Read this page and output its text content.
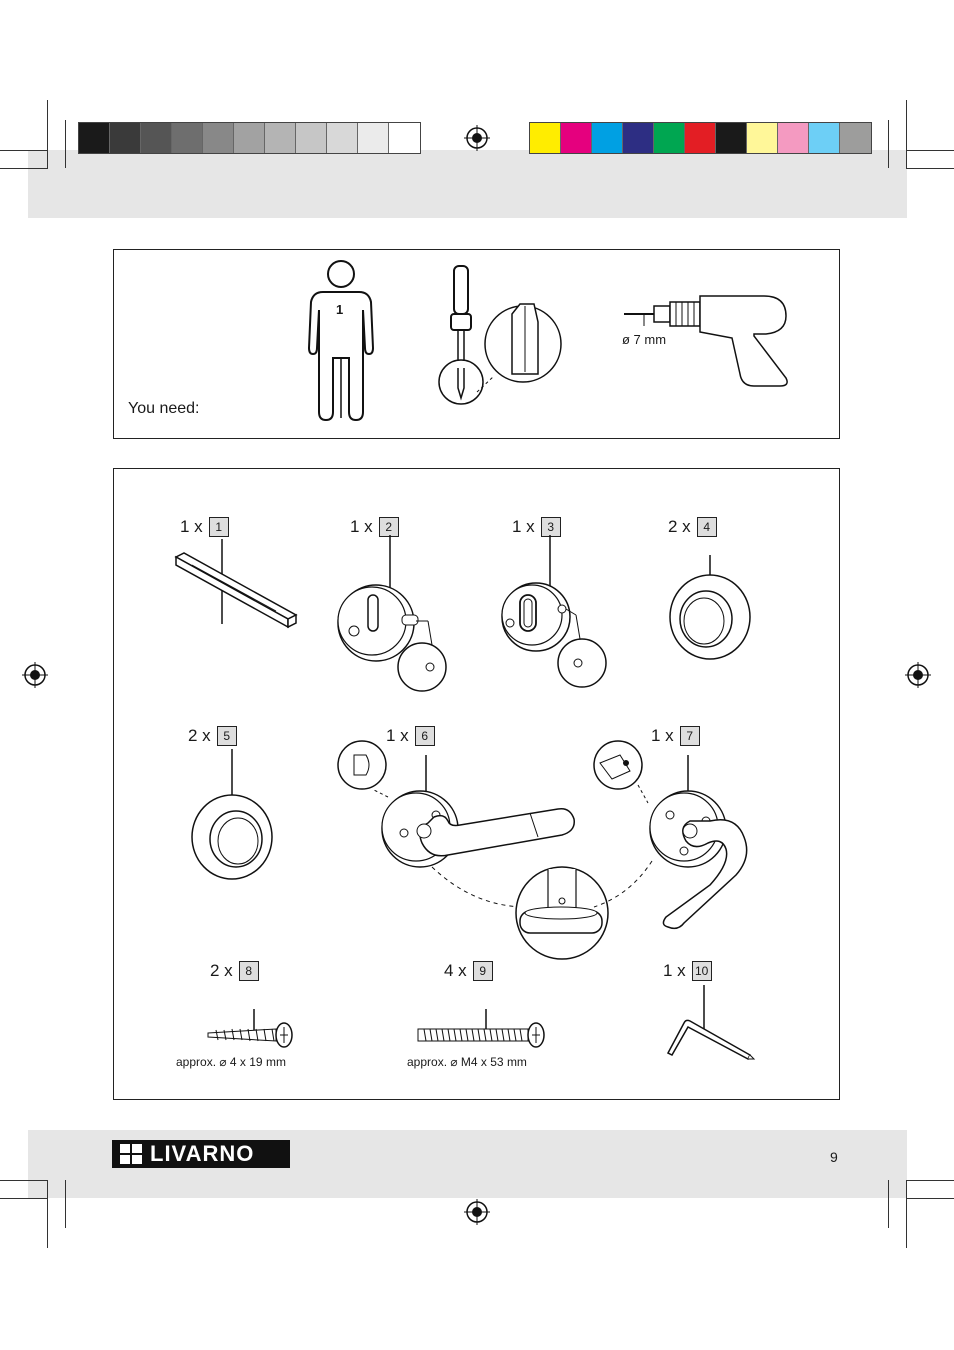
You need:
1
ø 7 mm
1 x	1	1 x	2	1 x	3	2 x	4
2 x	5	1 x	6	1 x	7
2 x	8	4 x	9	1 x 10
approx. ⌀ 4 x 19 mm	approx. ⌀ M4 x 53 mm
LIVARNO	9
